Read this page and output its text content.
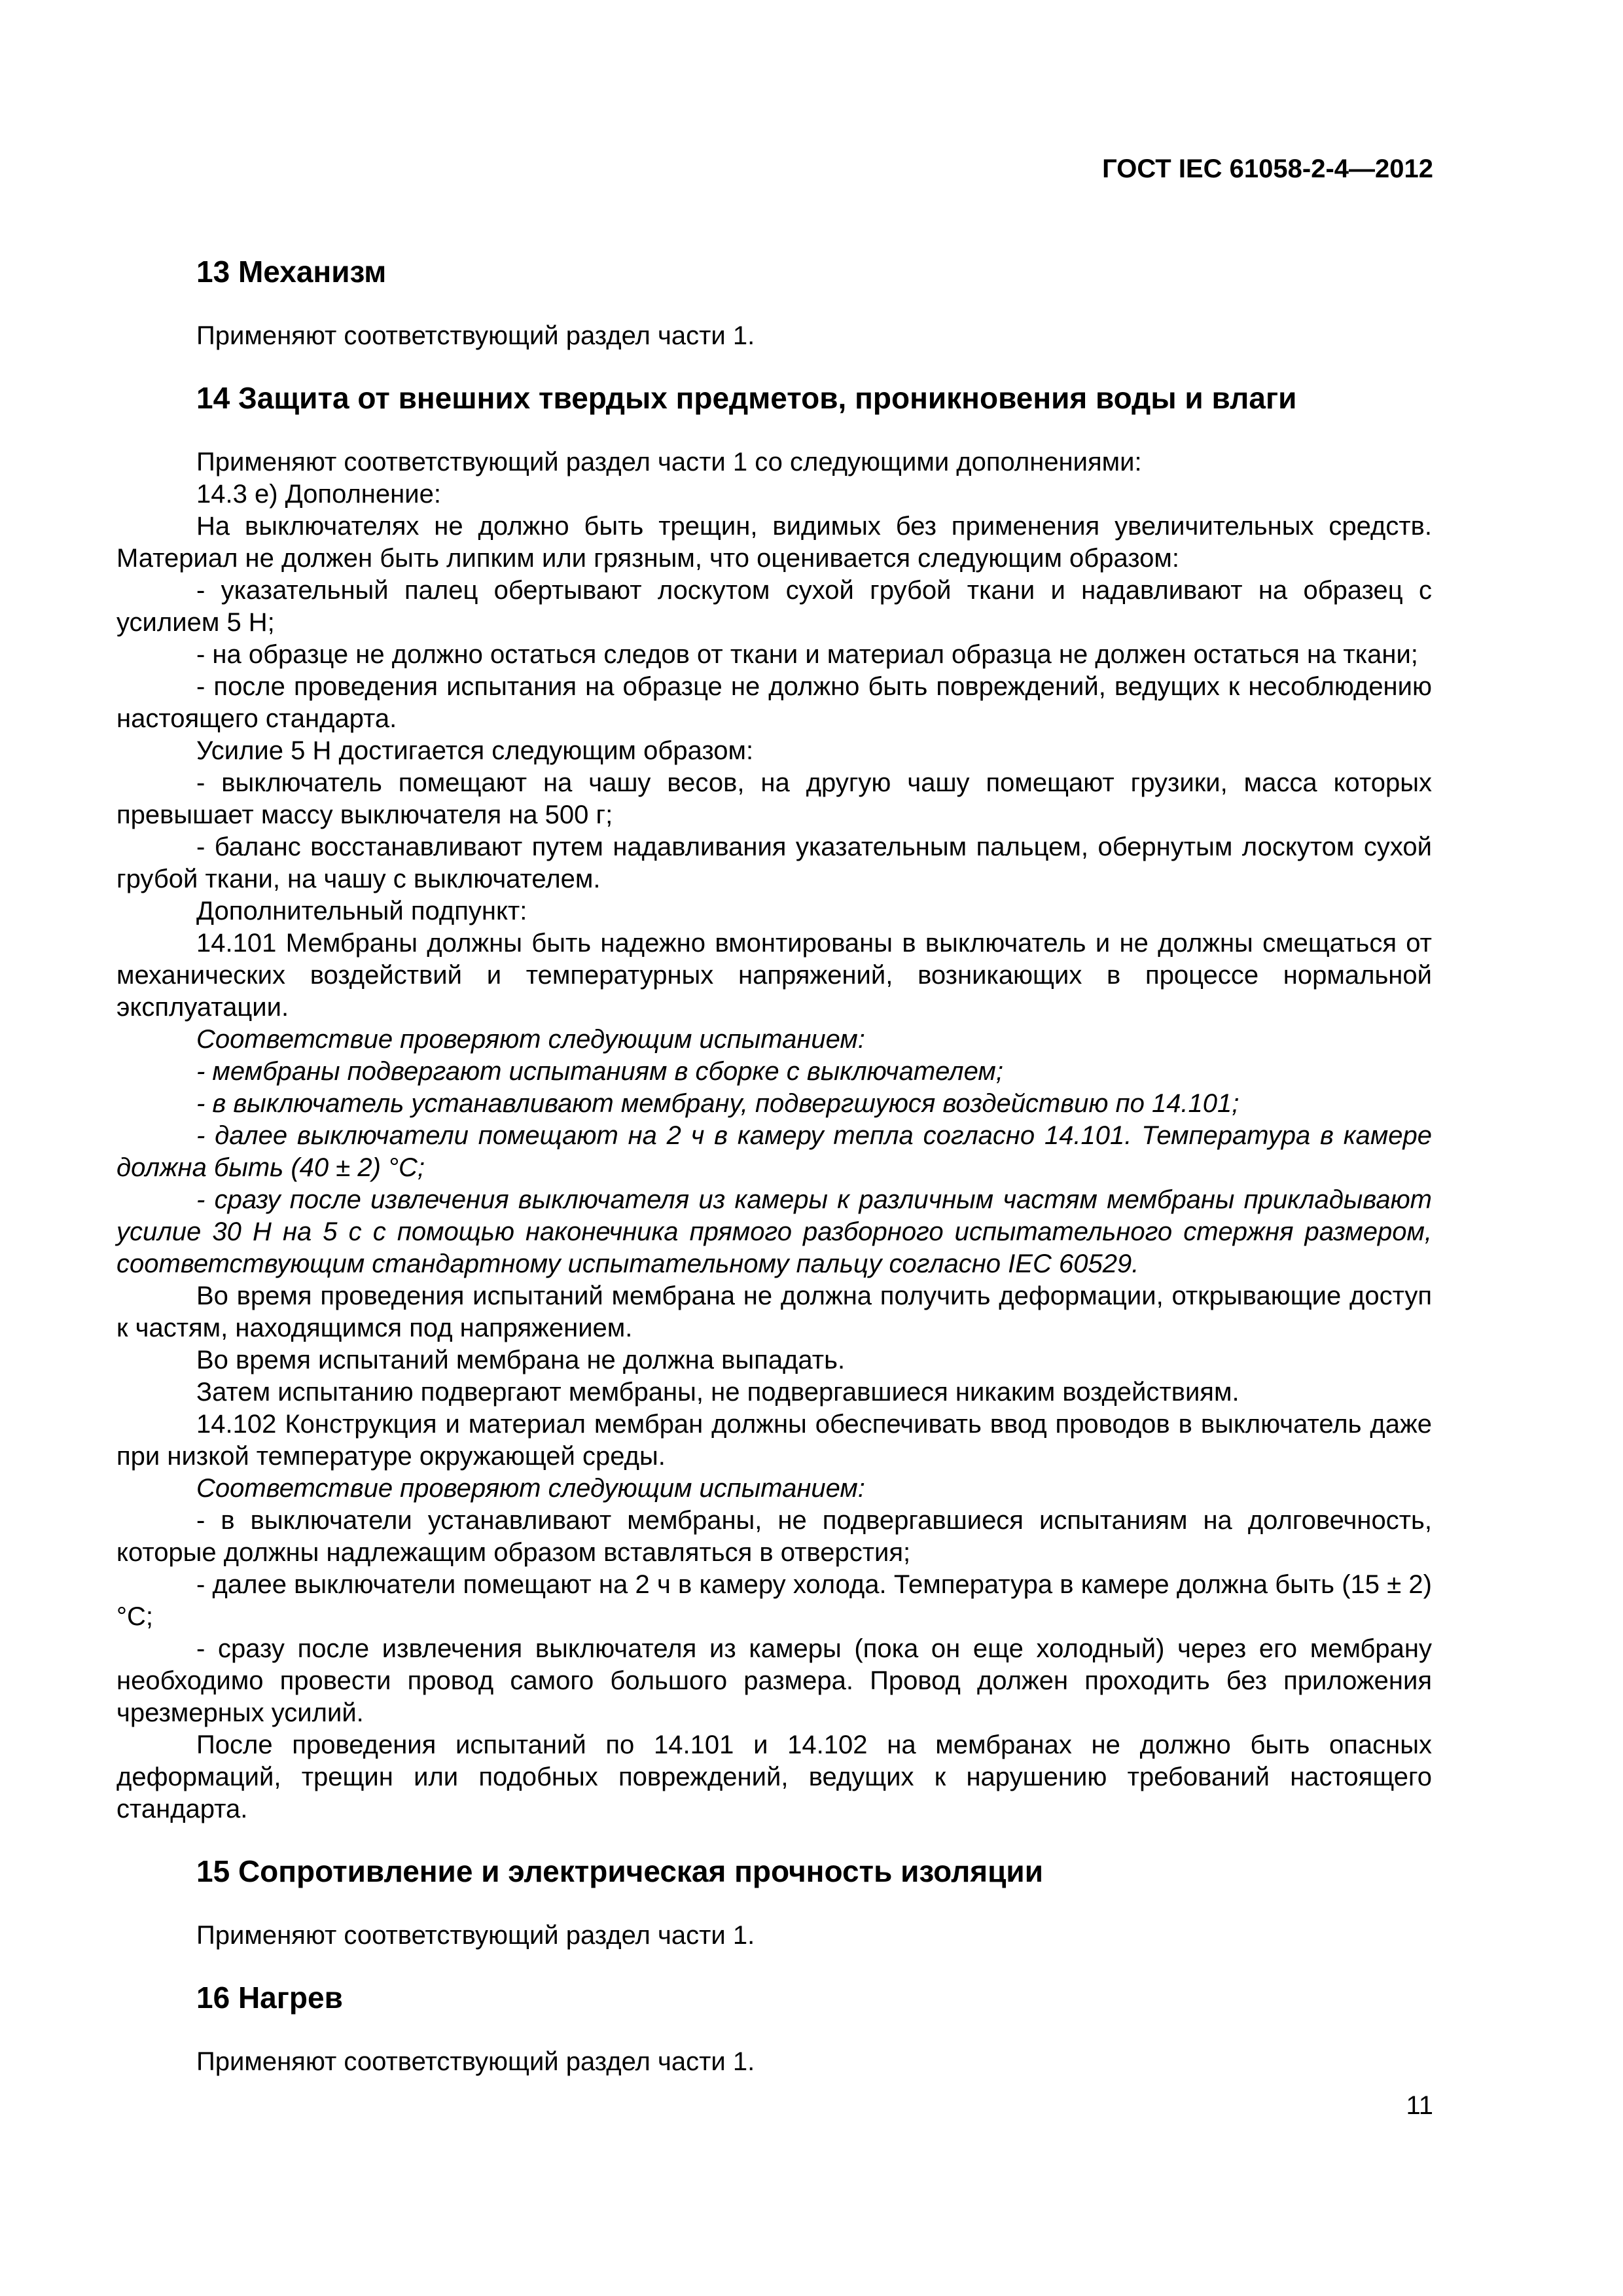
ГОСТ IEC 61058-2-4—2012
13 Механизм

Применяют соответствующий раздел части 1.

14 Защита от внешних твердых предметов, проникновения воды и влаги

Применяют соответствующий раздел части 1 со следующими дополнениями:

14.3 e) Дополнение:

На выключателях не должно быть трещин, видимых без применения увеличительных средств. Материал не должен быть липким или грязным, что оценивается следующим образом:

- указательный палец обертывают лоскутом сухой грубой ткани и надавливают на образец с усилием 5 Н;

- на образце не должно остаться следов от ткани и материал образца не должен остаться на ткани;

- после проведения испытания на образце не должно быть повреждений, ведущих к несоблюдению настоящего стандарта.

Усилие 5 Н достигается следующим образом:

- выключатель помещают на чашу весов, на другую чашу помещают грузики, масса которых превышает массу выключателя на 500 г;

- баланс восстанавливают путем надавливания указательным пальцем, обернутым лоскутом сухой грубой ткани, на чашу с выключателем.

Дополнительный подпункт:

14.101 Мембраны должны быть надежно вмонтированы в выключатель и не должны смещаться от механических воздействий и температурных напряжений, возникающих в процессе нормальной эксплуатации.

Соответствие проверяют следующим испытанием:

- мембраны подвергают испытаниям в сборке с выключателем;

- в выключатель устанавливают мембрану, подвергшуюся воздействию по 14.101;

- далее выключатели помещают на 2 ч в камеру тепла согласно 14.101. Температура в камере должна быть (40 ± 2) °С;

- сразу после извлечения выключателя из камеры к различным частям мембраны прикладывают усилие 30 Н на 5 с с помощью наконечника прямого разборного испытательного стержня размером, соответствующим стандартному испытательному пальцу согласно IEC 60529.

Во время проведения испытаний мембрана не должна получить деформации, открывающие доступ к частям, находящимся под напряжением.

Во время испытаний мембрана не должна выпадать.

Затем испытанию подвергают мембраны, не подвергавшиеся никаким воздействиям.

14.102 Конструкция и материал мембран должны обеспечивать ввод проводов в выключатель даже при низкой температуре окружающей среды.

Соответствие проверяют следующим испытанием:

- в выключатели устанавливают мембраны, не подвергавшиеся испытаниям на долговечность, которые должны надлежащим образом вставляться в отверстия;

- далее выключатели помещают на 2 ч в камеру холода. Температура в камере должна быть (15 ± 2) °С;

- сразу после извлечения выключателя из камеры (пока он еще холодный) через его мембрану необходимо провести провод самого большого размера. Провод должен проходить без приложения чрезмерных усилий.

После проведения испытаний по 14.101 и 14.102 на мембранах не должно быть опасных деформаций, трещин или подобных повреждений, ведущих к нарушению требований настоящего стандарта.

15 Сопротивление и электрическая прочность изоляции

Применяют соответствующий раздел части 1.

16 Нагрев

Применяют соответствующий раздел части 1.

11
